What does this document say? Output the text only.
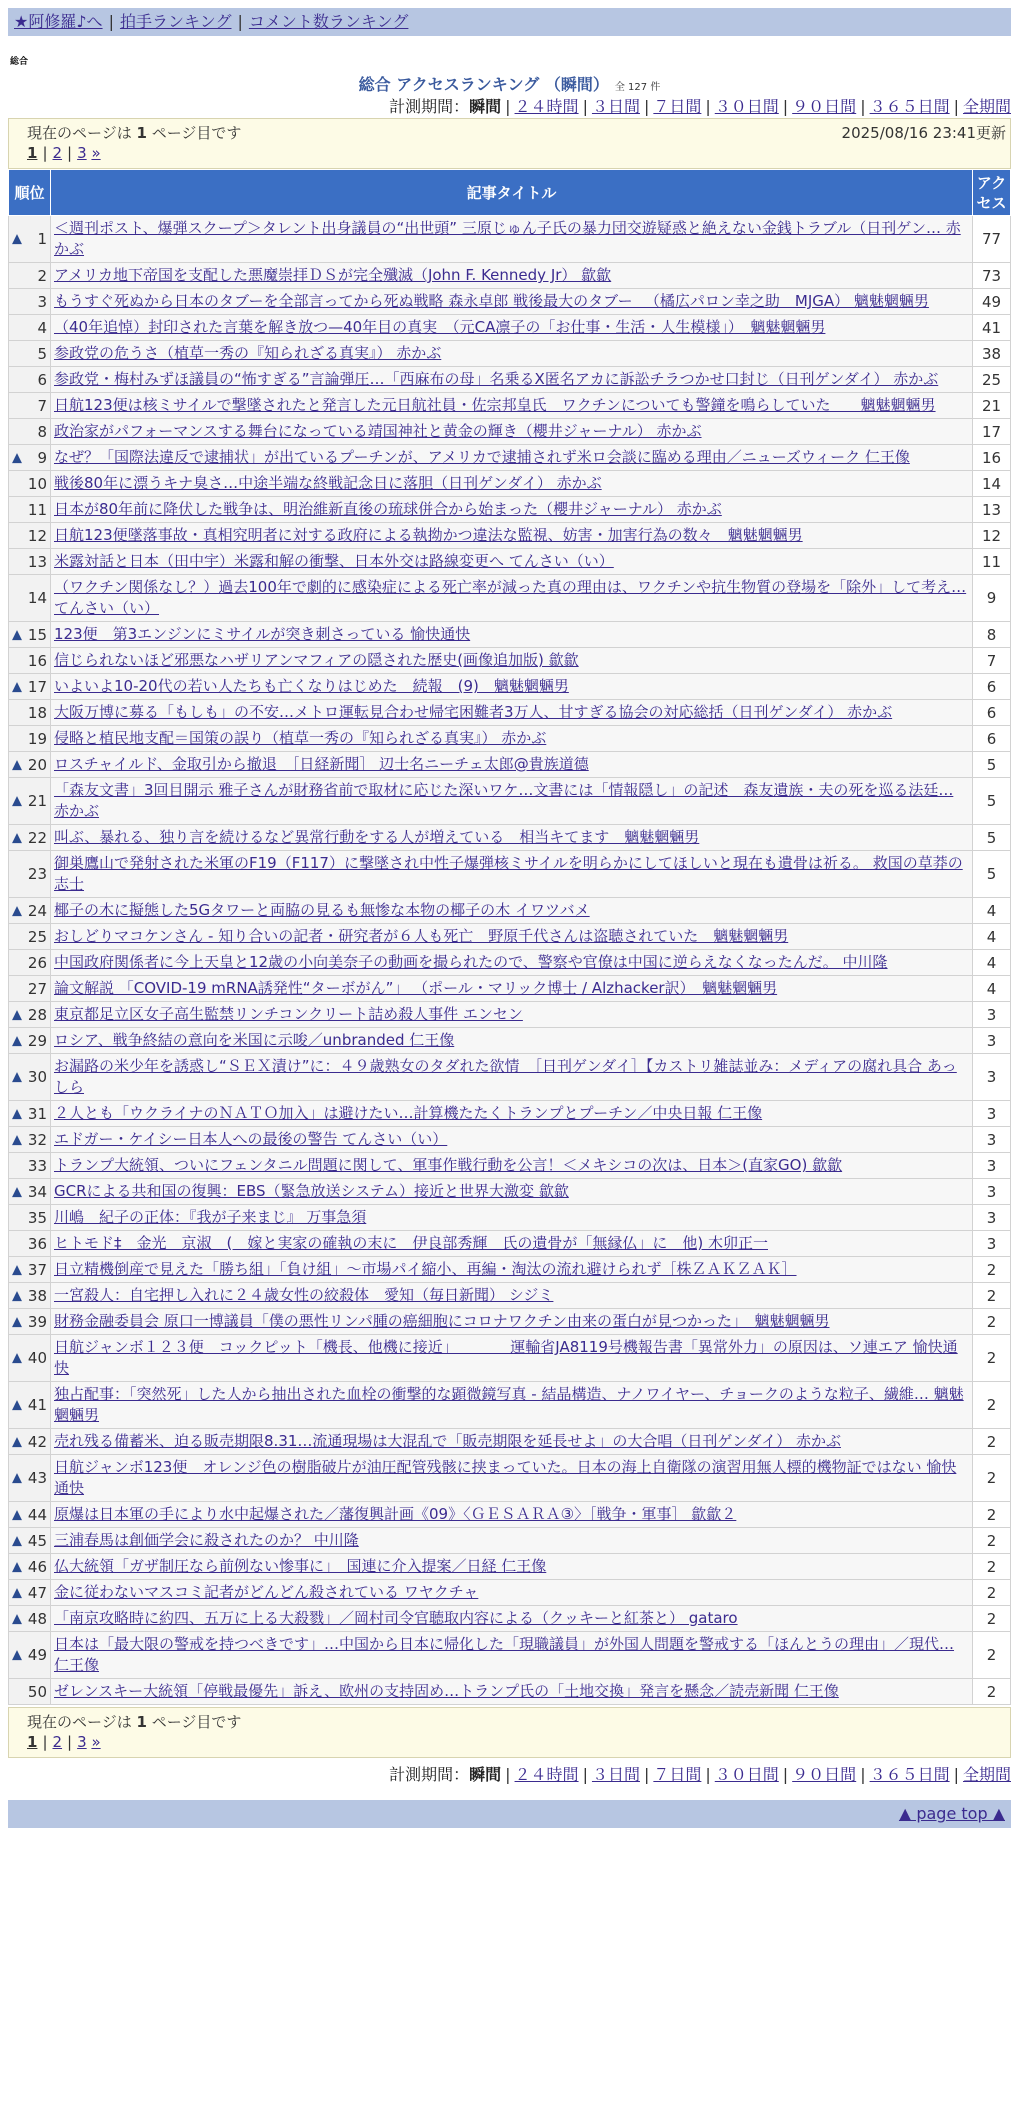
★阿修羅♪へ | 拍手ランキング | コメント数ランキング
総合
総合 アクセスランキング （瞬間） 全 127 件
計測期間：瞬間 | ２４時間 | ３日間 | ７日間 | ３０日間 | ９０日間 | ３６５日間 | 全期間
現在のページは 1 ページ目です	2025/08/16 23:41更新
1 | 2 | 3 »
順位	記事タイトル	アクセス

▲ 1	＜週刊ポスト、爆弾スクープ＞タレント出身議員の“出世頭” 三原じゅん子氏の暴力団交遊疑惑と絶えない金銭トラブル（日刊ゲン… 赤かぶ	77
2	アメリカ地下帝国を支配した悪魔崇拝ＤＳが完全殲滅（John F. Kennedy Jr） 歙歙	73
3	もうすぐ死ぬから日本のタブーを全部言ってから死ぬ戦略 森永卓郎 戦後最大のタブー 　（橘広パロン幸之助　MJGA） 魑魅魍魎男	49
4	（40年追悼）封印された言葉を解き放つ—40年目の真実　（元CA凛子の「お仕事・生活・人生模様」）　魑魅魍魎男	41
5	参政党の危うさ（植草一秀の『知られざる真実』） 赤かぶ	38
6	参政党・梅村みずほ議員の“怖すぎる”言論弾圧…「西麻布の母」名乗るX匿名アカに訴訟チラつかせ口封じ（日刊ゲンダイ） 赤かぶ	25
7	日航123便は核ミサイルで撃墜されたと発言した元日航社員・佐宗邦皇氏　ワクチンについても警鐘を鳴らしていた　　魑魅魍魎男	21
8	政治家がパフォーマンスする舞台になっている靖国神社と黄金の輝き（櫻井ジャーナル） 赤かぶ	17

▲ 9	なぜ？「国際法違反で逮捕状」が出ているプーチンが、アメリカで逮捕されず米ロ会談に臨める理由／ニューズウィーク 仁王像	16
10	戦後80年に漂うキナ臭さ…中途半端な終戦記念日に落胆（日刊ゲンダイ） 赤かぶ	14
11	日本が80年前に降伏した戦争は、明治維新直後の琉球併合から始まった（櫻井ジャーナル） 赤かぶ	13
12	日航123便墜落事故・真相究明者に対する政府による執拗かつ違法な監視、妨害・加害行為の数々　魑魅魍魎男	12
13	米露対話と日本（田中宇）米露和解の衝撃、日本外交は路線変更へ てんさい（い）	11
14	（ワクチン関係なし？）過去100年で劇的に感染症による死亡率が減った真の理由は、ワクチンや抗生物質の登場を「除外」して考え… てんさい（い）	9

▲ 15	123便　第3エンジンにミサイルが突き刺さっている 愉快通快	8
16	信じられないほど邪悪なハザリアンマフィアの隠された歴史(画像追加版) 歙歙	7

▲ 17	いよいよ10-20代の若い人たちも亡くなりはじめた　続報　(9)　魑魅魍魎男	6
18	大阪万博に募る「もしも」の不安…メトロ運転見合わせ帰宅困難者3万人、甘すぎる協会の対応総括（日刊ゲンダイ） 赤かぶ	6
19	侵略と植民地支配＝国策の誤り（植草一秀の『知られざる真実』） 赤かぶ	6

▲ 20	ロスチャイルド、金取引から撤退　［日経新聞］ 辺士名ニーチェ太郎@貴族道德	5

▲ 21	「森友文書」3回目開示 雅子さんが財務省前で取材に応じた深いワケ…文書には「情報隠し」の記述　森友遺族・夫の死を巡る法廷… 赤かぶ	5

▲ 22	叫ぶ、暴れる、独り言を続けるなど異常行動をする人が増えている　相当キてます　魑魅魍魎男	5
23	御巣鷹山で発射された米軍のF19（F117）に撃墜され中性子爆弾核ミサイルを明らかにしてほしいと現在も遺骨は祈る。 救国の草莽の志士	5

▲ 24	椰子の木に擬態した5Gタワーと両脇の見るも無惨な本物の椰子の木 イワツバメ	4
25	おしどりマコケンさん - 知り合いの記者・研究者が６人も死亡　野原千代さんは盗聴されていた　魑魅魍魎男	4
26	中国政府関係者に今上天皇と12歳の小向美奈子の動画を撮られたので、警察や官僚は中国に逆らえなくなったんだ。 中川隆	4
27	論文解説 「COVID-19 mRNA誘発性“ターボがん”」 （ポール・マリック博士 / Alzhacker訳）　魑魅魍魎男	4

▲ 28	東京都足立区女子高生監禁リンチコンクリート詰め殺人事件 エンセン	3

▲ 29	ロシア、戦争終結の意向を米国に示唆／unbranded 仁王像	3

▲ 30	お漏路の米少年を誘惑し“ＳＥＸ漬け”に：４９歳熟女のタダれた欲情　［日刊ゲンダイ］【カストリ雑誌並み：メディアの腐れ具合 あっしら	3

▲ 31	２人とも「ウクライナのＮＡＴＯ加入」は避けたい…計算機たたくトランプとプーチン／中央日報 仁王像	3

▲ 32	エドガー・ケイシー日本人への最後の警告 てんさい（い）	3
33	トランプ大統領、ついにフェンタニル問題に関して、軍事作戦行動を公言！＜メキシコの次は、日本＞(直家GO) 歙歙	3

▲ 34	GCRによる共和国の復興：EBS（緊急放送システム）接近と世界大激変 歙歙	3
35	川嶋　紀子の正体：『我が子来まじ』 万事急須	3
36	ヒトモド‡　金光　京淑　(　嫁と実家の確執の末に　伊良部秀輝　氏の遺骨が「無縁仏」に　他) 木卯正一	3

▲ 37	日立精機倒産で見えた「勝ち組」「負け組」～市場パイ縮小、再編・淘汰の流れ避けられず［株ＺＡＫＺＡＫ］	2

▲ 38	一宮殺人：自宅押し入れに２４歳女性の絞殺体　愛知（毎日新聞） シジミ	2

▲ 39	財務金融委員会 原口一博議員「僕の悪性リンパ腫の癌細胞にコロナワクチン由来の蛋白が見つかった」　魑魅魍魎男	2

▲ 40	日航ジャンボ１２３便　コックピット「機長、他機に接近」　　　　運輸省JA8119号機報告書「異常外力」の原因は、ソ連エア 愉快通快	2

▲ 41	独占配事：「突然死」した人から抽出された血栓の衝撃的な顕微鏡写真 - 結晶構造、ナノワイヤー、チョークのような粒子、繊維… 魑魅魍魎男	2

▲ 42	売れ残る備蓄米、迫る販売期限8.31…流通現場は大混乱で「販売期限を延長せよ」の大合唱（日刊ゲンダイ） 赤かぶ	2

▲ 43	日航ジャンボ123便　オレンジ色の樹脂破片が油圧配管残骸に挟まっていた。日本の海上自衛隊の演習用無人標的機物証ではない 愉快通快	2

▲ 44	原爆は日本軍の手により水中起爆された／藩復興計画《09》〈ＧＥＳＡＲＡ③〉［戦争・軍事］ 歙歙２	2

▲ 45	三浦春馬は創価学会に殺されたのか？ 中川隆	2

▲ 46	仏大統領「ガザ制圧なら前例ない惨事に」　国連に介入提案／日経 仁王像	2

▲ 47	金に従わないマスコミ記者がどんどん殺されている ワヤクチャ	2

▲ 48	「南京攻略時に約四、五万に上る大殺戮」／岡村司令官聴取内容による（クッキーと紅茶と） gataro	2

▲ 49	日本は「最大限の警戒を持つべきです」…中国から日本に帰化した「現職議員」が外国人問題を警戒する「ほんとうの理由」／現代… 仁王像	2
50	ゼレンスキー大統領「停戦最優先」訴え、欧州の支持固め…トランプ氏の「土地交換」発言を懸念／読売新聞 仁王像	2
現在のページは 1 ページ目です
1 | 2 | 3 »
計測期間：瞬間 | ２４時間 | ３日間 | ７日間 | ３０日間 | ９０日間 | ３６５日間 | 全期間
▲ page top ▲
